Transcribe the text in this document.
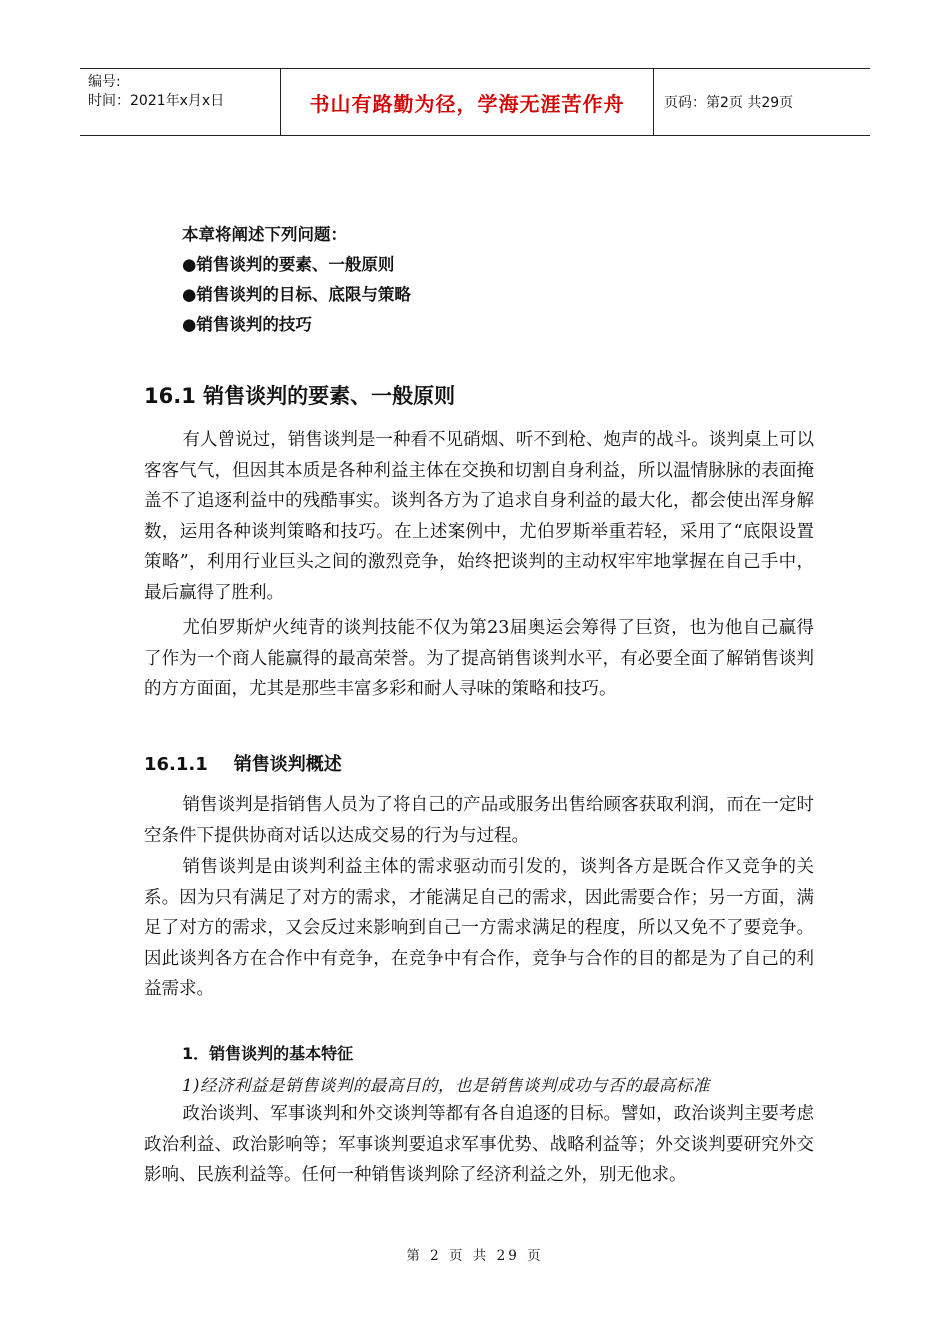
编号:
时间：2021年x月x日	书山有路勤为径，学海无涯苦作舟	页码：第2页 共29页
本章将阐述下列问题：
●销售谈判的要素、一般原则
●销售谈判的目标、底限与策略
●销售谈判的技巧
16.1 销售谈判的要素、一般原则

有人曾说过，销售谈判是一种看不见硝烟、听不到枪、炮声的战斗。谈判桌上可以客客气气，但因其本质是各种利益主体在交换和切割自身利益，所以温情脉脉的表面掩盖不了追逐利益中的残酷事实。谈判各方为了追求自身利益的最大化，都会使出浑身解数，运用各种谈判策略和技巧。在上述案例中，尤伯罗斯举重若轻，采用了“底限设置策略”，利用行业巨头之间的激烈竞争，始终把谈判的主动权牢牢地掌握在自己手中，最后赢得了胜利。

尤伯罗斯炉火纯青的谈判技能不仅为第23届奥运会筹得了巨资，也为他自己赢得了作为一个商人能赢得的最高荣誉。为了提高销售谈判水平，有必要全面了解销售谈判的方方面面，尤其是那些丰富多彩和耐人寻味的策略和技巧。

16.1.1 销售谈判概述

销售谈判是指销售人员为了将自己的产品或服务出售给顾客获取利润，而在一定时空条件下提供协商对话以达成交易的行为与过程。

销售谈判是由谈判利益主体的需求驱动而引发的，谈判各方是既合作又竞争的关系。因为只有满足了对方的需求，才能满足自己的需求，因此需要合作；另一方面，满足了对方的需求，又会反过来影响到自己一方需求满足的程度，所以又免不了要竞争。因此谈判各方在合作中有竞争，在竞争中有合作，竞争与合作的目的都是为了自己的利益需求。

1．销售谈判的基本特征
1)经济利益是销售谈判的最高目的，也是销售谈判成功与否的最高标准

政治谈判、军事谈判和外交谈判等都有各自追逐的目标。譬如，政治谈判主要考虑政治利益、政治影响等；军事谈判要追求军事优势、战略利益等；外交谈判要研究外交影响、民族利益等。任何一种销售谈判除了经济利益之外，别无他求。

第 2 页 共 29 页
